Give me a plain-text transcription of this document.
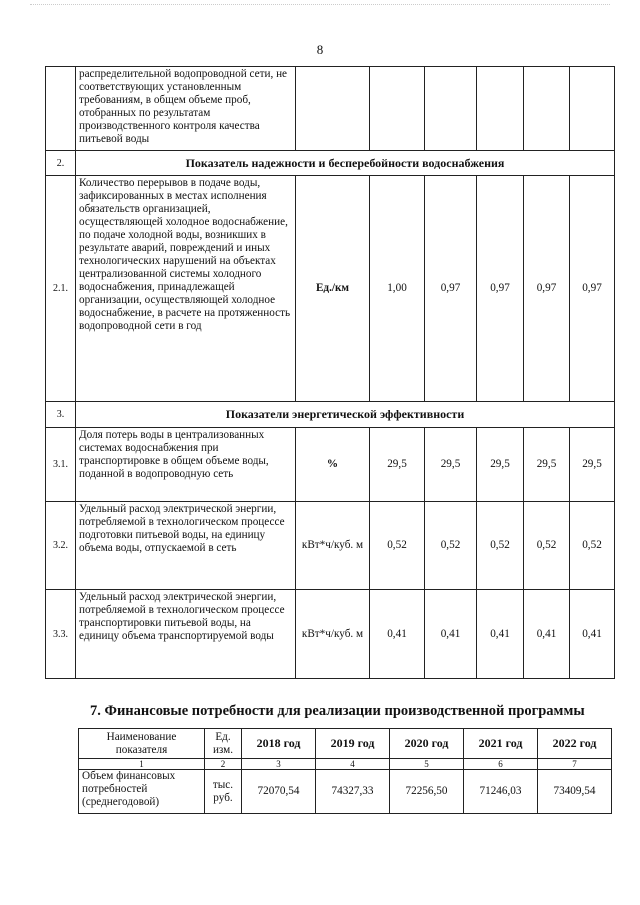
8
	распределительной водопроводной сети, не соответствующих установленным требованиям, в общем объеме проб, отобранных по результатам производственного контроля качества питьевой воды						
2.	Показатель надежности и бесперебойности водоснабжения						
2.1.	Количество перерывов в подаче воды, зафиксированных в местах исполнения обязательств организацией, осуществляющей холодное водоснабжение, по подаче холодной воды, возникших в результате аварий, повреждений и иных технологических нарушений на объектах централизованной системы холодного водоснабжения, принадлежащей организации, осуществляющей холодное водоснабжение, в расчете на протяженность водопроводной сети в год	Ед./км	1,00	0,97	0,97	0,97	0,97
3.	Показатели энергетической эффективности						
3.1.	Доля потерь воды в централизованных системах водоснабжения при транспортировке в общем объеме воды, поданной в водопроводную сеть	%	29,5	29,5	29,5	29,5	29,5
3.2.	Удельный расход электрической энергии, потребляемой в технологическом процессе подготовки питьевой воды, на единицу объема воды, отпускаемой в сеть	кВт*ч/куб. м	0,52	0,52	0,52	0,52	0,52
3.3.	Удельный расход электрической энергии, потребляемой в технологическом процессе транспортировки питьевой воды, на единицу объема транспортируемой воды	кВт*ч/куб. м	0,41	0,41	0,41	0,41	0,41
7. Финансовые потребности для реализации производственной программы
Наименование показателя	Ед. изм.	2018 год	2019 год	2020 год	2021 год	2022 год
1	2	3	4	5	6	7
Объем финансовых потребностей (среднегодовой)	тыс. руб.	72070,54	74327,33	72256,50	71246,03	73409,54
